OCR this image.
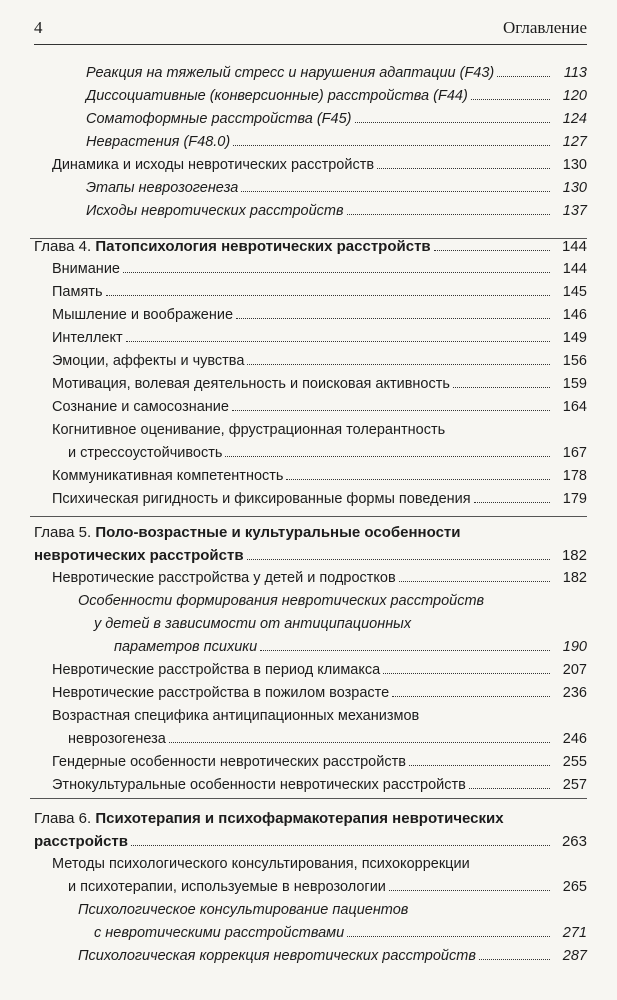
4	Оглавление
Реакция на тяжелый стресс и нарушения адаптации (F43)	113
Диссоциативные (конверсионные) расстройства (F44)	120
Соматоформные расстройства (F45)	124
Неврастения (F48.0)	127
Динамика и исходы невротических расстройств	130
Этапы неврозогенеза	130
Исходы невротических расстройств	137
Глава 4. Патопсихология невротических расстройств	144
Внимание	144
Память	145
Мышление и воображение	146
Интеллект	149
Эмоции, аффекты и чувства	156
Мотивация, волевая деятельность и поисковая активность	159
Сознание и самосознание	164
Когнитивное оценивание, фрустрационная толерантность
и стрессоустойчивость	167
Коммуникативная компетентность	178
Психическая ригидность и фиксированные формы поведения	179
Глава 5. Поло-возрастные и культуральные особенности
невротических расстройств	182
Невротические расстройства у детей и подростков	182
Особенности формирования невротических расстройств
у детей в зависимости от антиципационных
параметров психики	190
Невротические расстройства в период климакса	207
Невротические расстройства в пожилом возрасте	236
Возрастная специфика антиципационных механизмов
неврозогенеза	246
Гендерные особенности невротических расстройств	255
Этнокультуральные особенности невротических расстройств	257
Глава 6. Психотерапия и психофармакотерапия невротических
расстройств	263
Методы психологического консультирования, психокоррекции
и психотерапии, используемые в неврозологии	265
Психологическое консультирование пациентов
с невротическими расстройствами	271
Психологическая коррекция невротических расстройств	287
